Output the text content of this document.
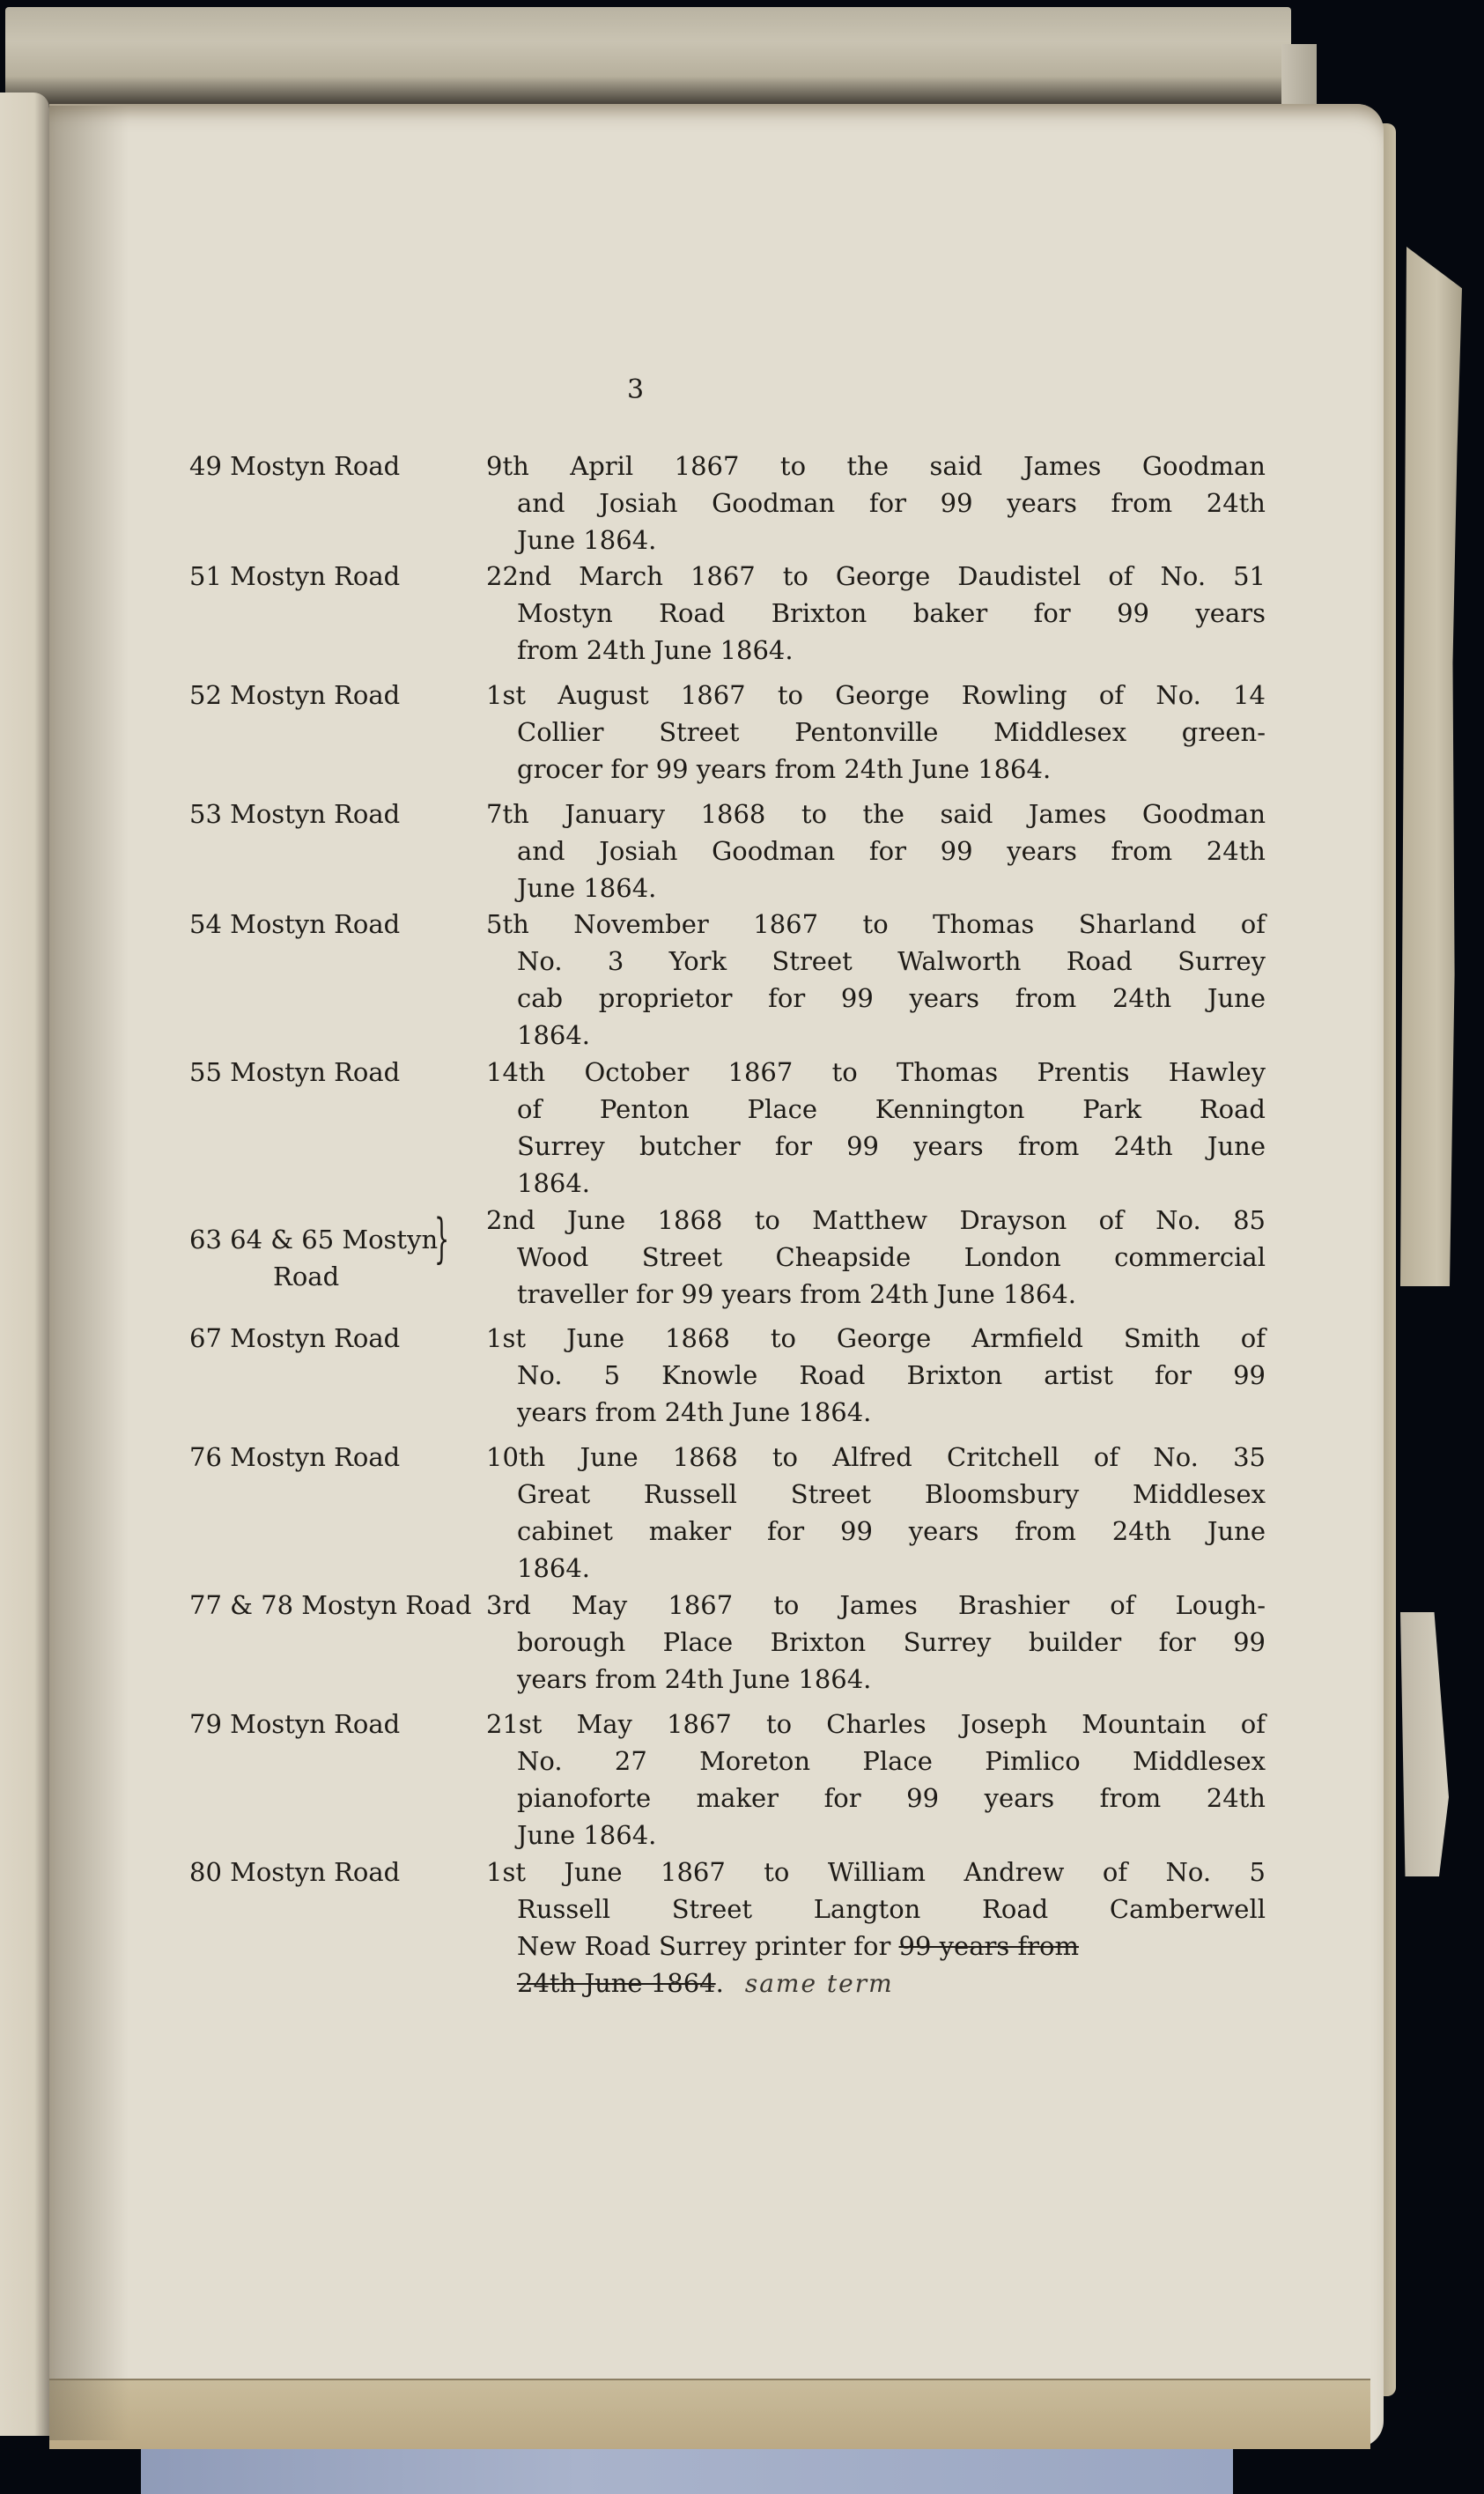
3
49 Mostyn Road	9th April 1867 to the said James Goodman
and Josiah Goodman for 99 years from 24th
June 1864.
51 Mostyn Road	22nd March 1867 to George Daudistel of No. 51
Mostyn Road Brixton baker for 99 years
from 24th June 1864.
52 Mostyn Road	1st August 1867 to George Rowling of No. 14
Collier Street Pentonville Middlesex green-
grocer for 99 years from 24th June 1864.
53 Mostyn Road	7th January 1868 to the said James Goodman
and Josiah Goodman for 99 years from 24th
June 1864.
54 Mostyn Road	5th November 1867 to Thomas Sharland of
No. 3 York Street Walworth Road Surrey
cab proprietor for 99 years from 24th June
1864.
55 Mostyn Road	14th October 1867 to Thomas Prentis Hawley
of Penton Place Kennington Park Road
Surrey butcher for 99 years from 24th June
1864.
63 64 & 65 Mostyn
Road
} 2nd June 1868 to Matthew Drayson of No. 85
Wood Street Cheapside London commercial
traveller for 99 years from 24th June 1864.
67 Mostyn Road	1st June 1868 to George Armfield Smith of
No. 5 Knowle Road Brixton artist for 99
years from 24th June 1864.
76 Mostyn Road	10th June 1868 to Alfred Critchell of No. 35
Great Russell Street Bloomsbury Middlesex
cabinet maker for 99 years from 24th June
1864.
77 & 78 Mostyn Road 3rd May 1867 to James Brashier of Lough-
borough Place Brixton Surrey builder for 99
years from 24th June 1864.
79 Mostyn Road	21st May 1867 to Charles Joseph Mountain of
No. 27 Moreton Place Pimlico Middlesex
pianoforte maker for 99 years from 24th
June 1864.
80 Mostyn Road	1st June 1867 to William Andrew of No. 5
Russell Street Langton Road Camberwell
New Road Surrey printer for 99 years from
24th June 1864. same term
